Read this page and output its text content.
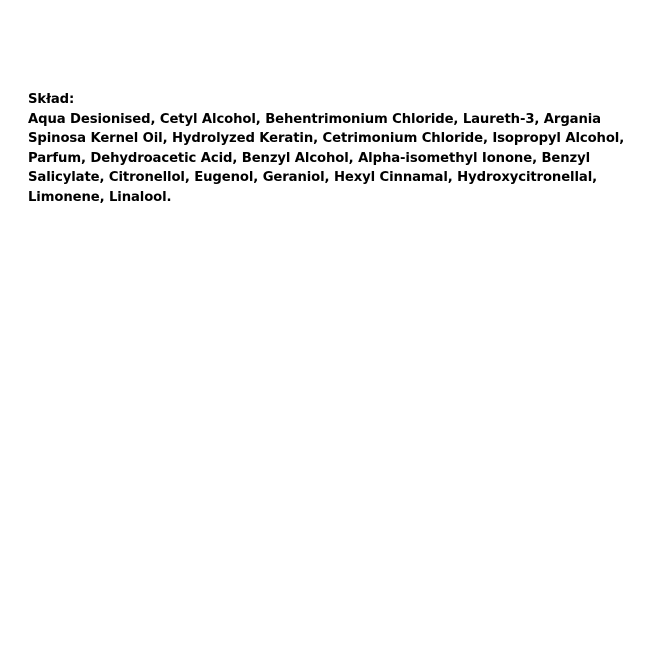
Skład:
Aqua Desionised, Cetyl Alcohol, Behentrimonium Chloride, Laureth-3, Argania
Spinosa Kernel Oil, Hydrolyzed Keratin, Cetrimonium Chloride, Isopropyl Alcohol,
Parfum, Dehydroacetic Acid, Benzyl Alcohol, Alpha-isomethyl Ionone, Benzyl
Salicylate, Citronellol, Eugenol, Geraniol, Hexyl Cinnamal, Hydroxycitronellal,
Limonene, Linalool.
